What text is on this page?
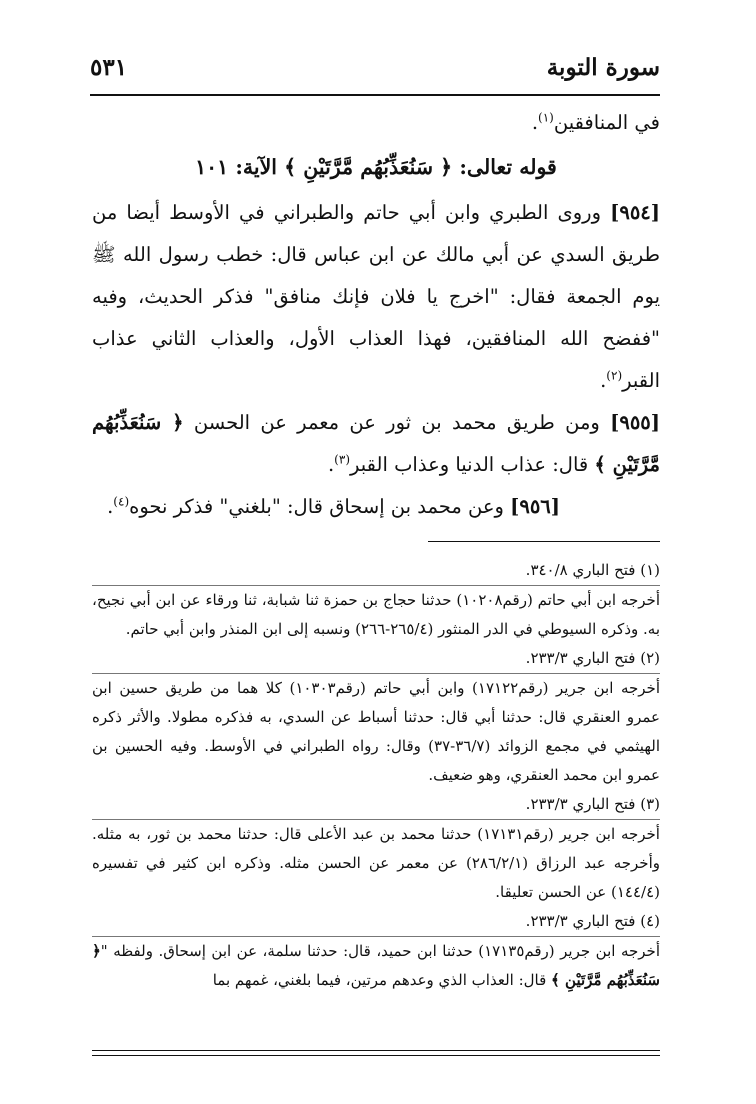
سورة التوبة
٥٣١

في المنافقين$^{(١)}$.

قوله تعالى: ﴿ سَنُعَذِّبُهُم مَّرَّتَيْنِ ﴾ الآية: ١٠١

[٩٥٤] وروى الطبري وابن أبي حاتم والطبراني في الأوسط أيضا من طريق السدي عن أبي مالك عن ابن عباس قال: خطب رسول الله ﷺ يوم الجمعة فقال: "اخرج يا فلان فإنك منافق" فذكر الحديث، وفيه "ففضح الله المنافقين، فهذا العذاب الأول، والعذاب الثاني عذاب القبر$^{(٢)}$.

[٩٥٥] ومن طريق محمد بن ثور عن معمر عن الحسن ﴿ سَنُعَذِّبُهُم مَّرَّتَيْنِ ﴾ قال: عذاب الدنيا وعذاب القبر$^{(٣)}$.

[٩٥٦] وعن محمد بن إسحاق قال: "بلغني" فذكر نحوه$^{(٤)}$.

(١) فتح الباري ٣٤٠/٨.

أخرجه ابن أبي حاتم (رقم١٠٢٠٨) حدثنا حجاج بن حمزة ثنا شبابة، ثنا ورقاء عن ابن أبي نجيح، به. وذكره السيوطي في الدر المنثور (٢٦٥/٤-٢٦٦) ونسبه إلى ابن المنذر وابن أبي حاتم.

(٢) فتح الباري ٢٣٣/٣.

أخرجه ابن جرير (رقم١٧١٢٢) وابن أبي حاتم (رقم١٠٣٠٣) كلا هما من طريق حسين ابن عمرو العنقري قال: حدثنا أبي قال: حدثنا أسباط عن السدي، به فذكره مطولا. والأثر ذكره الهيثمي في مجمع الزوائد (٣٦/٧-٣٧) وقال: رواه الطبراني في الأوسط. وفيه الحسين بن عمرو ابن محمد العنقري، وهو ضعيف.

(٣) فتح الباري ٢٣٣/٣.

أخرجه ابن جرير (رقم١٧١٣١) حدثنا محمد بن عبد الأعلى قال: حدثنا محمد بن ثور، به مثله. وأخرجه عبد الرزاق (٢٨٦/٢/١) عن معمر عن الحسن مثله. وذكره ابن كثير في تفسيره (١٤٤/٤) عن الحسن تعليقا.

(٤) فتح الباري ٢٣٣/٣.

أخرجه ابن جرير (رقم١٧١٣٥) حدثنا ابن حميد، قال: حدثنا سلمة، عن ابن إسحاق. ولفظه "﴿ سَنُعَذِّبُهُم مَّرَّتَيْنِ ﴾ قال: العذاب الذي وعدهم مرتين، فيما بلغني، غمهم بما
